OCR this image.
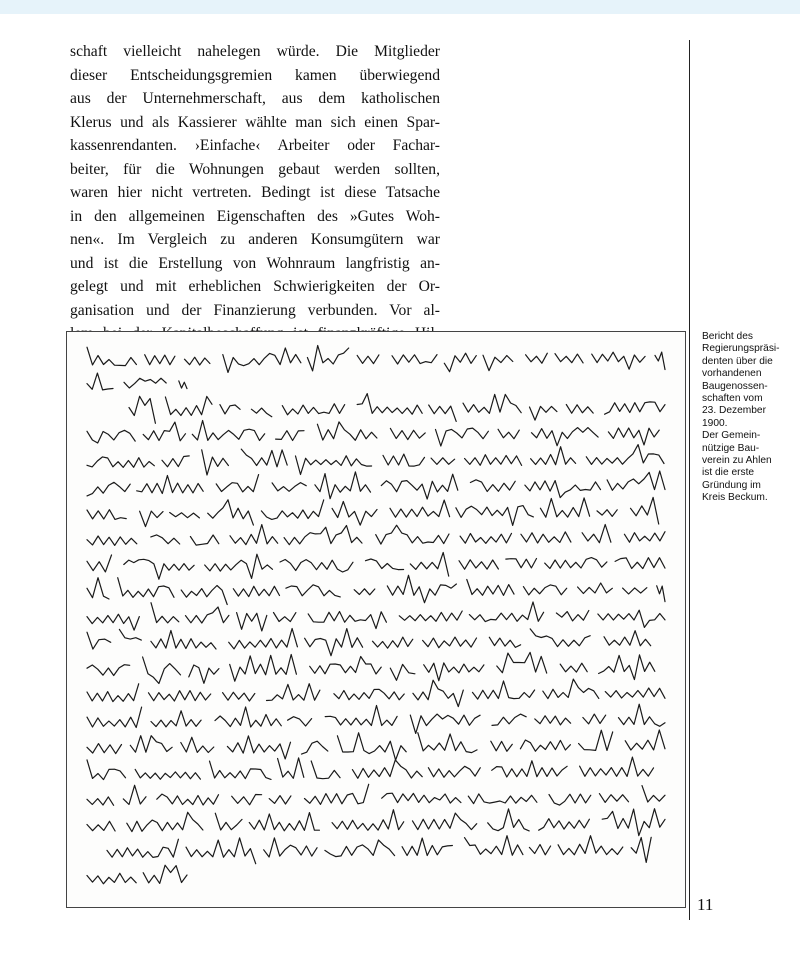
schaft vielleicht nahelegen würde. Die Mitglieder
dieser Entscheidungsgremien kamen überwiegend
aus der Unternehmerschaft, aus dem katholischen
Klerus und als Kassierer wählte man sich einen Spar-
kassenrendanten. ›Einfache‹ Arbeiter oder Fachar-
beiter, für die Wohnungen gebaut werden sollten,
waren hier nicht vertreten. Bedingt ist diese Tatsache
in den allgemeinen Eigenschaften des »Gutes Woh-
nen«. Im Vergleich zu anderen Konsumgütern war
und ist die Erstellung von Wohnraum langfristig an-
gelegt und mit erheblichen Schwierigkeiten der Or-
ganisation und der Finanzierung verbunden. Vor al-
Bericht des
Regierungspräsi-
denten über die
vorhandenen
Baugenossen-
schaften vom
23. Dezember
1900.
Der Gemein-
nützige Bau-
verein zu Ahlen
ist die erste
Gründung im
Kreis Beckum.
11
